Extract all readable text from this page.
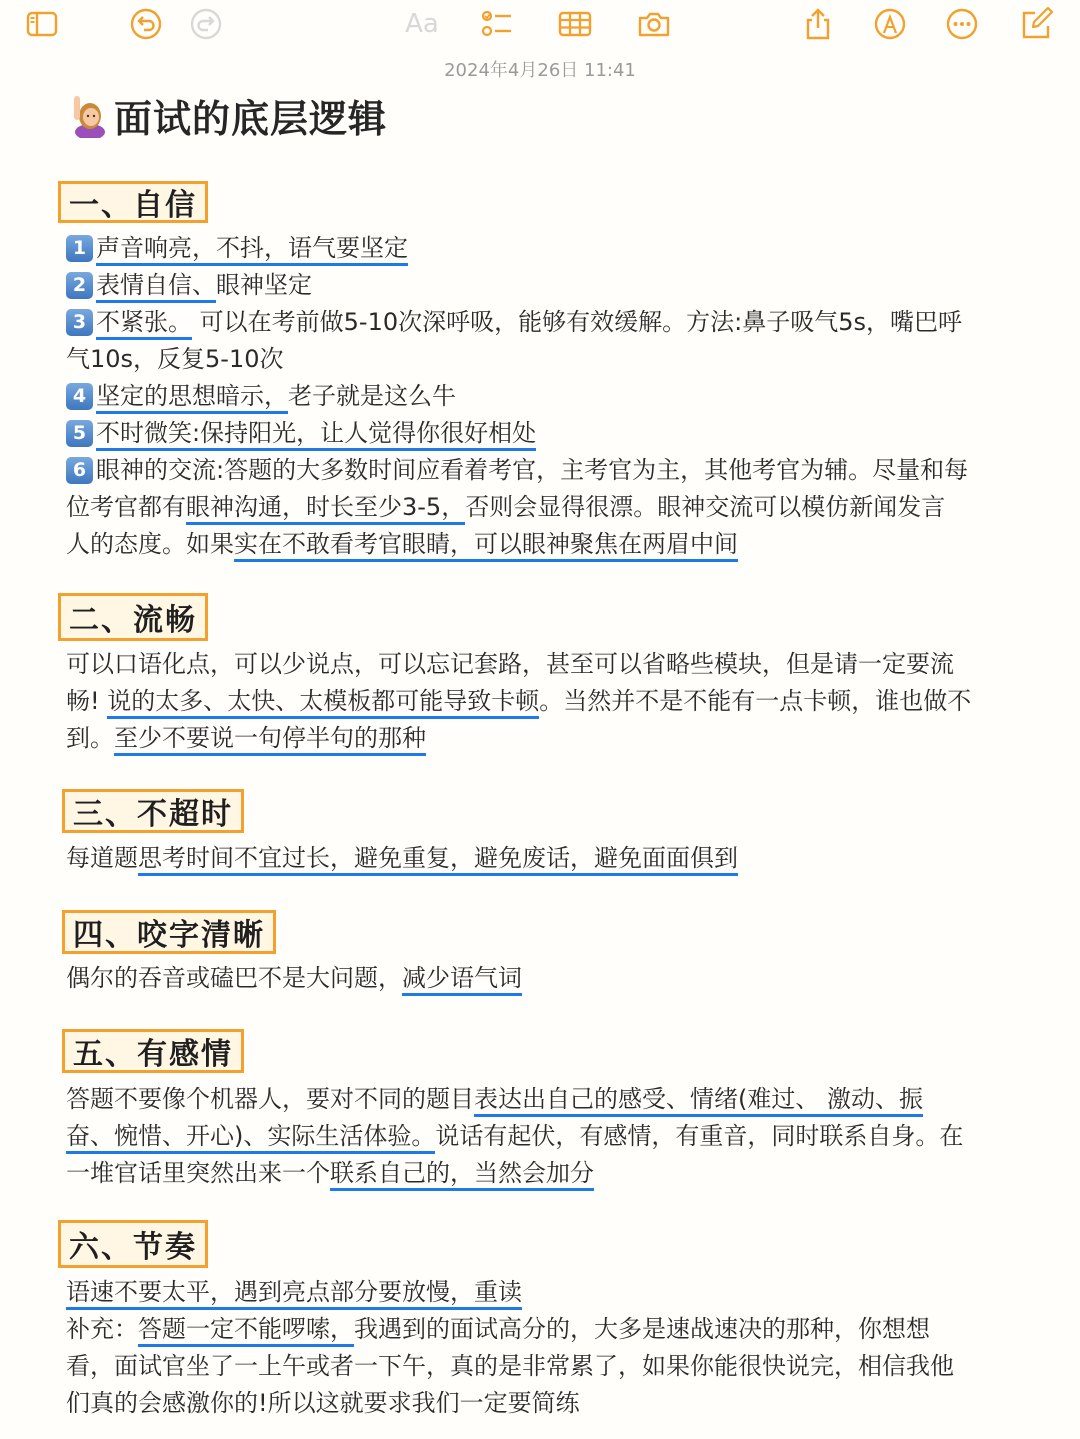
Aa
2024年4月26日 11:41
面试的底层逻辑
一、自信
1 声音响亮，不抖，语气要坚定
2 表情自信、眼神坚定
3 不紧张。 可以在考前做5-10次深呼吸，能够有效缓解。方法:鼻子吸气5s，嘴巴呼
气10s，反复5-10次
4 坚定的思想暗示，老子就是这么牛
5 不时微笑:保持阳光，让人觉得你很好相处
6 眼神的交流:答题的大多数时间应看着考官，主考官为主，其他考官为辅。尽量和每
位考官都有眼神沟通，时长至少3-5，否则会显得很漂。眼神交流可以模仿新闻发言
人的态度。如果实在不敢看考官眼睛，可以眼神聚焦在两眉中间
二、流畅
可以口语化点，可以少说点，可以忘记套路，甚至可以省略些模块，但是请一定要流
畅! 说的太多、太快、太模板都可能导致卡顿。当然并不是不能有一点卡顿，谁也做不
到。至少不要说一句停半句的那种
三、不超时
每道题思考时间不宜过长，避免重复，避免废话，避免面面俱到
四、咬字清晰
偶尔的吞音或磕巴不是大问题，减少语气词
五、有感情
答题不要像个机器人，要对不同的题目表达出自己的感受、情绪(难过、 激动、振
奋、惋惜、开心)、实际生活体验。说话有起伏，有感情，有重音，同时联系自身。在
一堆官话里突然出来一个联系自己的，当然会加分
六、节奏
语速不要太平，遇到亮点部分要放慢，重读
补充：答题一定不能啰嗦，我遇到的面试高分的，大多是速战速决的那种，你想想
看，面试官坐了一上午或者一下午，真的是非常累了，如果你能很快说完，相信我他
们真的会感激你的!所以这就要求我们一定要简练
